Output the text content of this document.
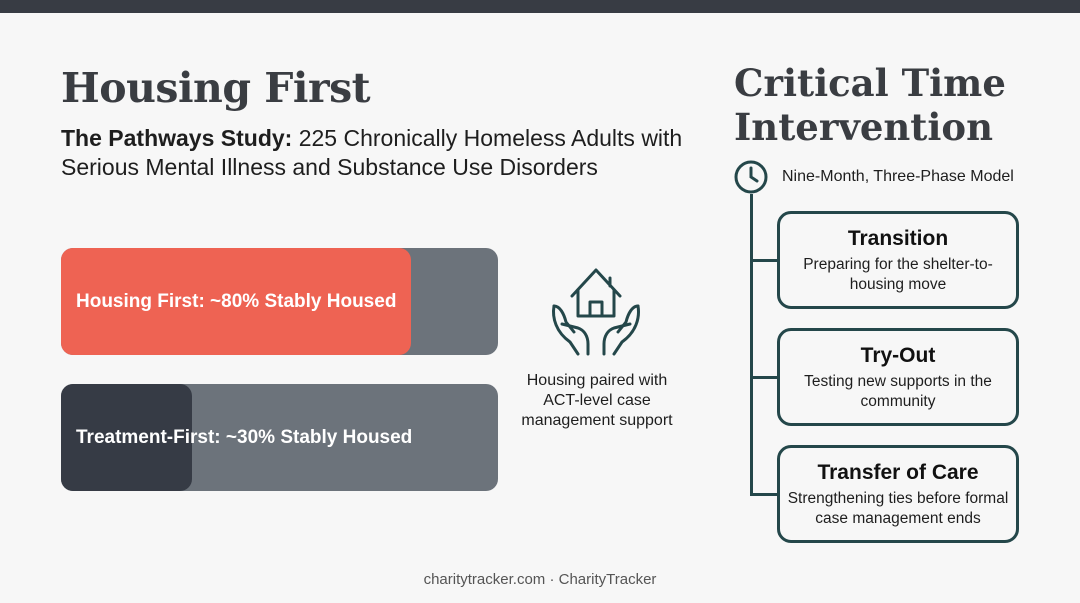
Housing First

The Pathways Study: 225 Chronically Homeless Adults with Serious Mental Illness and Substance Use Disorders

Housing First: ~80% Stably Housed
Treatment-First: ~30% Stably Housed

Housing paired with ACT-level case management support

Critical Time
Intervention
Nine-Month, Three-Phase Model
Transition
Preparing for the shelter-to-housing move
Try-Out
Testing new supports in the community
Transfer of Care
Strengthening ties before formal case management ends
charitytracker.com · CharityTracker
